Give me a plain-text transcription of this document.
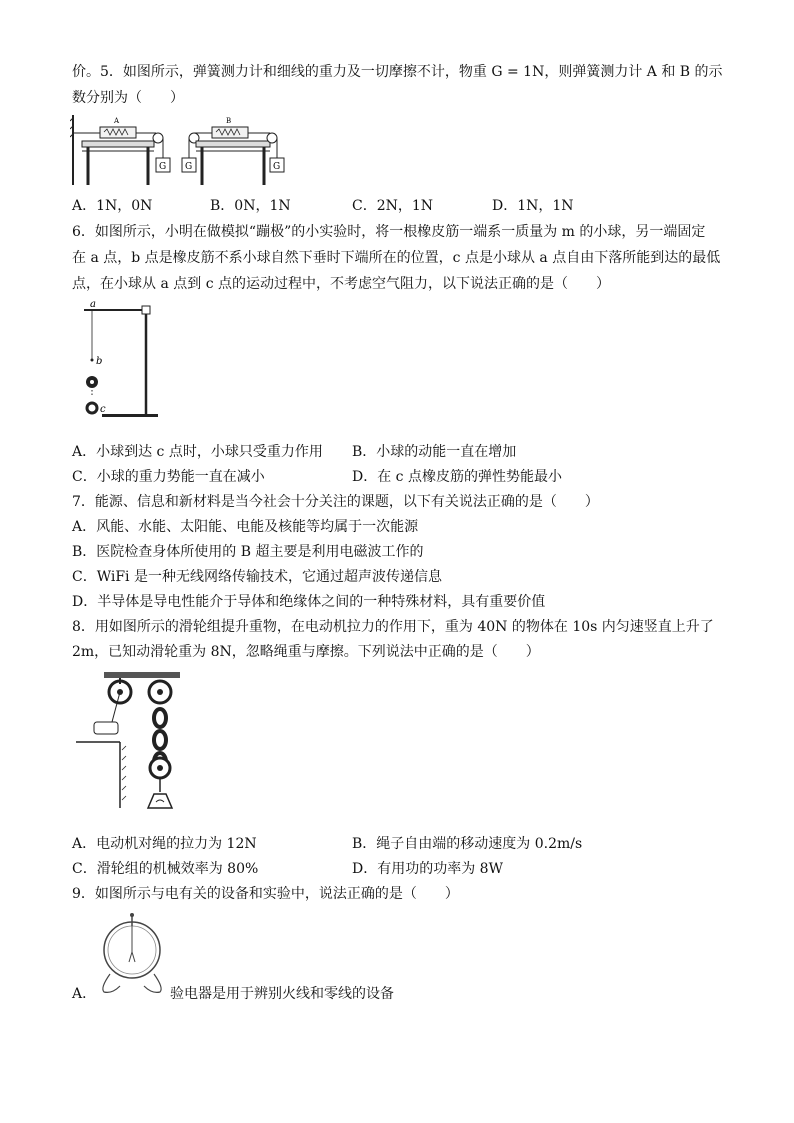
价。5．如图所示，弹簧测力计和细线的重力及一切摩擦不计，物重 G = 1N，则弹簧测力计 A 和 B 的示
数分别为（　　）
A
G G
B
G
A．1N，0N	B．0N，1N	C．2N，1N	D．1N，1N
6．如图所示，小明在做模拟“蹦极”的小实验时，将一根橡皮筋一端系一质量为 m 的小球，另一端固定
在 a 点，b 点是橡皮筋不系小球自然下垂时下端所在的位置，c 点是小球从 a 点自由下落所能到达的最低
点，在小球从 a 点到 c 点的运动过程中，不考虑空气阻力，以下说法正确的是（　　）
a
b
c
A．小球到达 c 点时，小球只受重力作用 B．小球的动能一直在增加
C．小球的重力势能一直在减小	D．在 c 点橡皮筋的弹性势能最小
7．能源、信息和新材料是当今社会十分关注的课题，以下有关说法正确的是（　　）
A．风能、水能、太阳能、电能及核能等均属于一次能源
B．医院检查身体所使用的 B 超主要是利用电磁波工作的
C．WiFi 是一种无线网络传输技术，它通过超声波传递信息
D．半导体是导电性能介于导体和绝缘体之间的一种特殊材料，具有重要价值
8．用如图所示的滑轮组提升重物，在电动机拉力的作用下，重为 40N 的物体在 10s 内匀速竖直上升了
2m，已知动滑轮重为 8N，忽略绳重与摩擦。下列说法中正确的是（　　）
A．电动机对绳的拉力为 12N	B．绳子自由端的移动速度为 0.2m/s
C．滑轮组的机械效率为 80%	D．有用功的功率为 8W
9．如图所示与电有关的设备和实验中，说法正确的是（　　）
A．	验电器是用于辨别火线和零线的设备
